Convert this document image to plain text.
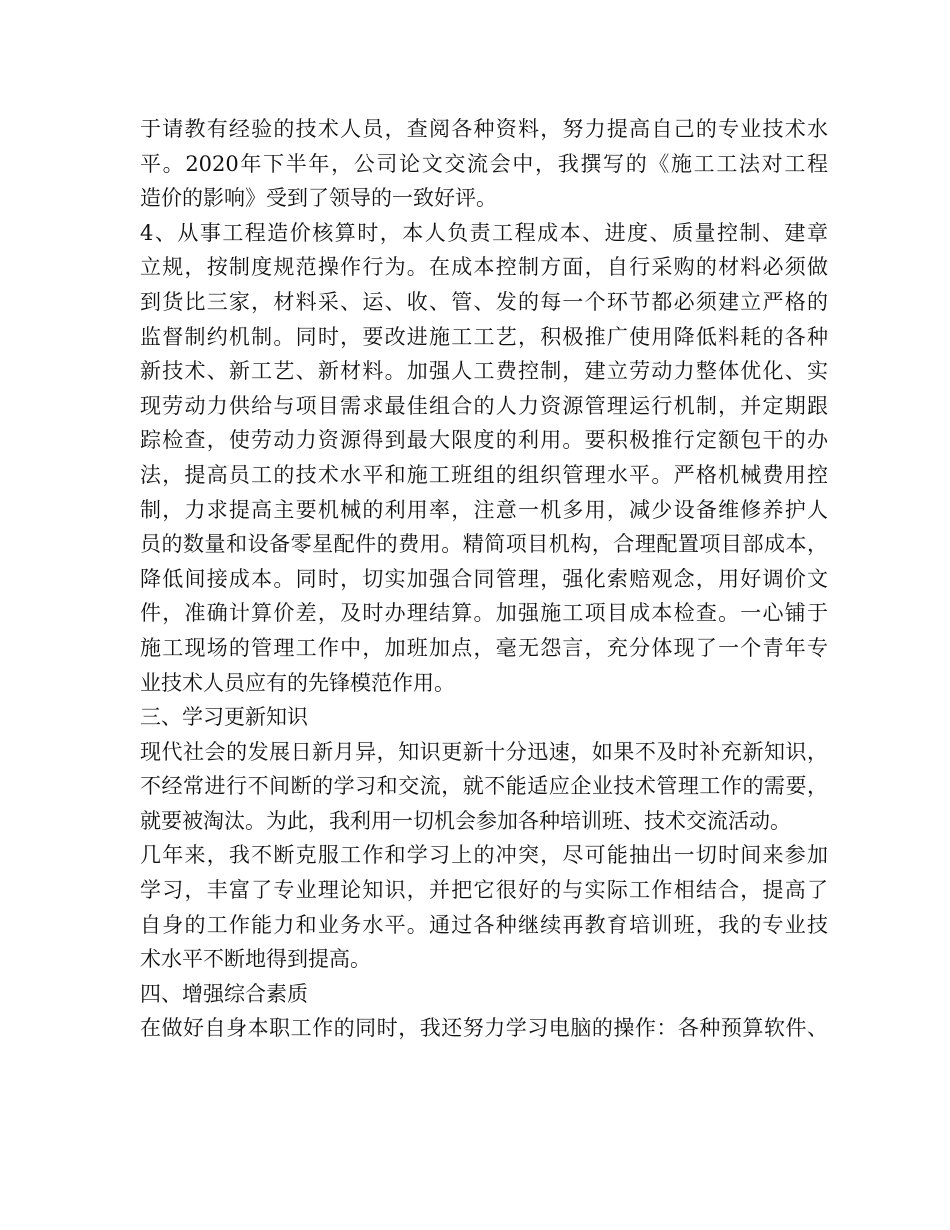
于请教有经验的技术人员，查阅各种资料，努力提高自己的专业技术水
平。2020年下半年，公司论文交流会中，我撰写的《施工工法对工程
造价的影响》受到了领导的一致好评。
4、从事工程造价核算时，本人负责工程成本、进度、质量控制、建章
立规，按制度规范操作行为。在成本控制方面，自行采购的材料必须做
到货比三家，材料采、运、收、管、发的每一个环节都必须建立严格的
监督制约机制。同时，要改进施工工艺，积极推广使用降低料耗的各种
新技术、新工艺、新材料。加强人工费控制，建立劳动力整体优化、实
现劳动力供给与项目需求最佳组合的人力资源管理运行机制，并定期跟
踪检查，使劳动力资源得到最大限度的利用。要积极推行定额包干的办
法，提高员工的技术水平和施工班组的组织管理水平。严格机械费用控
制，力求提高主要机械的利用率，注意一机多用，减少设备维修养护人
员的数量和设备零星配件的费用。精简项目机构，合理配置项目部成本，
降低间接成本。同时，切实加强合同管理，强化索赔观念，用好调价文
件，准确计算价差，及时办理结算。加强施工项目成本检查。一心铺于
施工现场的管理工作中，加班加点，毫无怨言，充分体现了一个青年专
业技术人员应有的先锋模范作用。
三、学习更新知识
现代社会的发展日新月异，知识更新十分迅速，如果不及时补充新知识，
不经常进行不间断的学习和交流，就不能适应企业技术管理工作的需要，
就要被淘汰。为此，我利用一切机会参加各种培训班、技术交流活动。
几年来，我不断克服工作和学习上的冲突，尽可能抽出一切时间来参加
学习，丰富了专业理论知识，并把它很好的与实际工作相结合，提高了
自身的工作能力和业务水平。通过各种继续再教育培训班，我的专业技
术水平不断地得到提高。
四、增强综合素质
在做好自身本职工作的同时，我还努力学习电脑的操作：各种预算软件、
